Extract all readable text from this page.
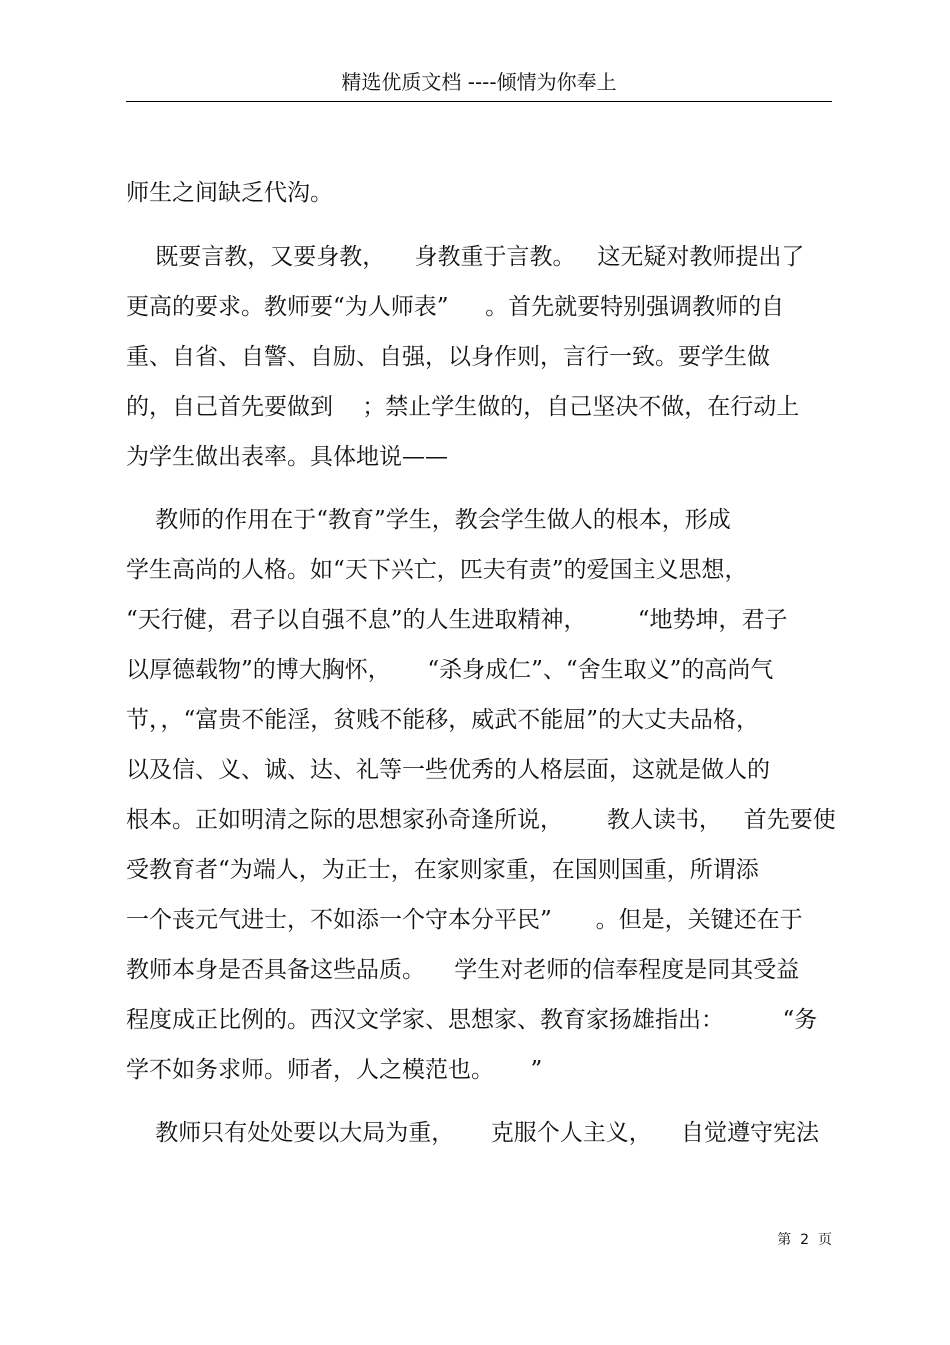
精选优质文档 ----倾情为你奉上
师生之间缺乏代沟。
既要言教，又要身教，    身教重于言教。   这无疑对教师提出了
更高的要求。教师要“为人师表”     。首先就要特别强调教师的自
重、自省、自警、自励、自强，以身作则，言行一致。要学生做
的，自己首先要做到    ；禁止学生做的，自己坚决不做，在行动上
为学生做出表率。具体地说——
教师的作用在于“教育”学生，教会学生做人的根本，形成
学生高尚的人格。如“天下兴亡，匹夫有责”的爱国主义思想，
“天行健，君子以自强不息”的人生进取精神，       “地势坤，君子
以厚德载物”的博大胸怀，     “杀身成仁”、“舍生取义”的高尚气
节，，“富贵不能淫，贫贱不能移，威武不能屈”的大丈夫品格，
以及信、义、诚、达、礼等一些优秀的人格层面，这就是做人的
根本。正如明清之际的思想家孙奇逢所说，      教人读书，   首先要使
受教育者“为端人，为正士，在家则家重，在国则国重，所谓添
一个丧元气进士，不如添一个守本分平民”      。但是，关键还在于
教师本身是否具备这些品质。    学生对老师的信奉程度是同其受益
程度成正比例的。西汉文学家、思想家、教育家扬雄指出：        “务
学不如务求师。师者，人之模范也。     ”
教师只有处处要以大局为重，     克服个人主义，    自觉遵守宪法
第  2  页
